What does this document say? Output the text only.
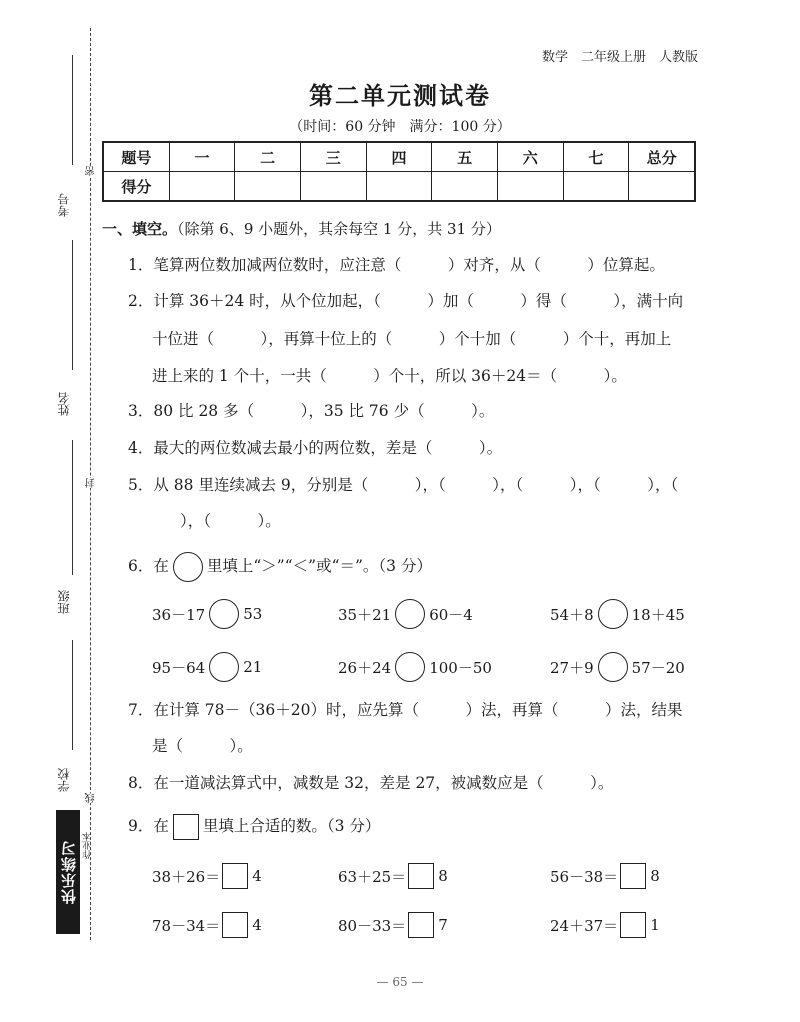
考号
姓名
班级
学校
密
封
线
快乐练习 作业本
数学　二年级上册　人教版
第二单元测试卷
（时间：60 分钟　满分：100 分）
题号	一	二	三	四	五	六	七	总分
得分								
一、填空。（除第 6、9 小题外，其余每空 1 分，共 31 分）
1．笔算两位数加减两位数时，应注意（　　　）对齐，从（　　　）位算起。
2．计算 36＋24 时，从个位加起，（　　　）加（　　　）得（　　　），满十向
十位进（　　　），再算十位上的（　　　）个十加（　　　）个十，再加上
进上来的 1 个十，一共（　　　）个十，所以 36＋24＝（　　　）。
3．80 比 28 多（　　　），35 比 76 少（　　　）。
4．最大的两位数减去最小的两位数，差是（　　　）。
5．从 88 里连续减去 9，分别是（　　　），（　　　），（　　　），（　　　），（
），（　　　）。
6．在 里填上“＞”“＜”或“＝”。（3 分）
36－17	53	35＋21	60－4	54＋8	18＋45
95－64	21	26＋24	100－50	27＋9	57－20
7．在计算 78－（36＋20）时，应先算（　　　）法，再算（　　　）法，结果
是（　　　）。
8．在一道减法算式中，减数是 32，差是 27，被减数应是（　　　）。
9．在 里填上合适的数。（3 分）
38＋26＝ 4	63＋25＝ 8	56－38＝ 8
78－34＝ 4	80－33＝ 7	24＋37＝ 1
— 65 —
